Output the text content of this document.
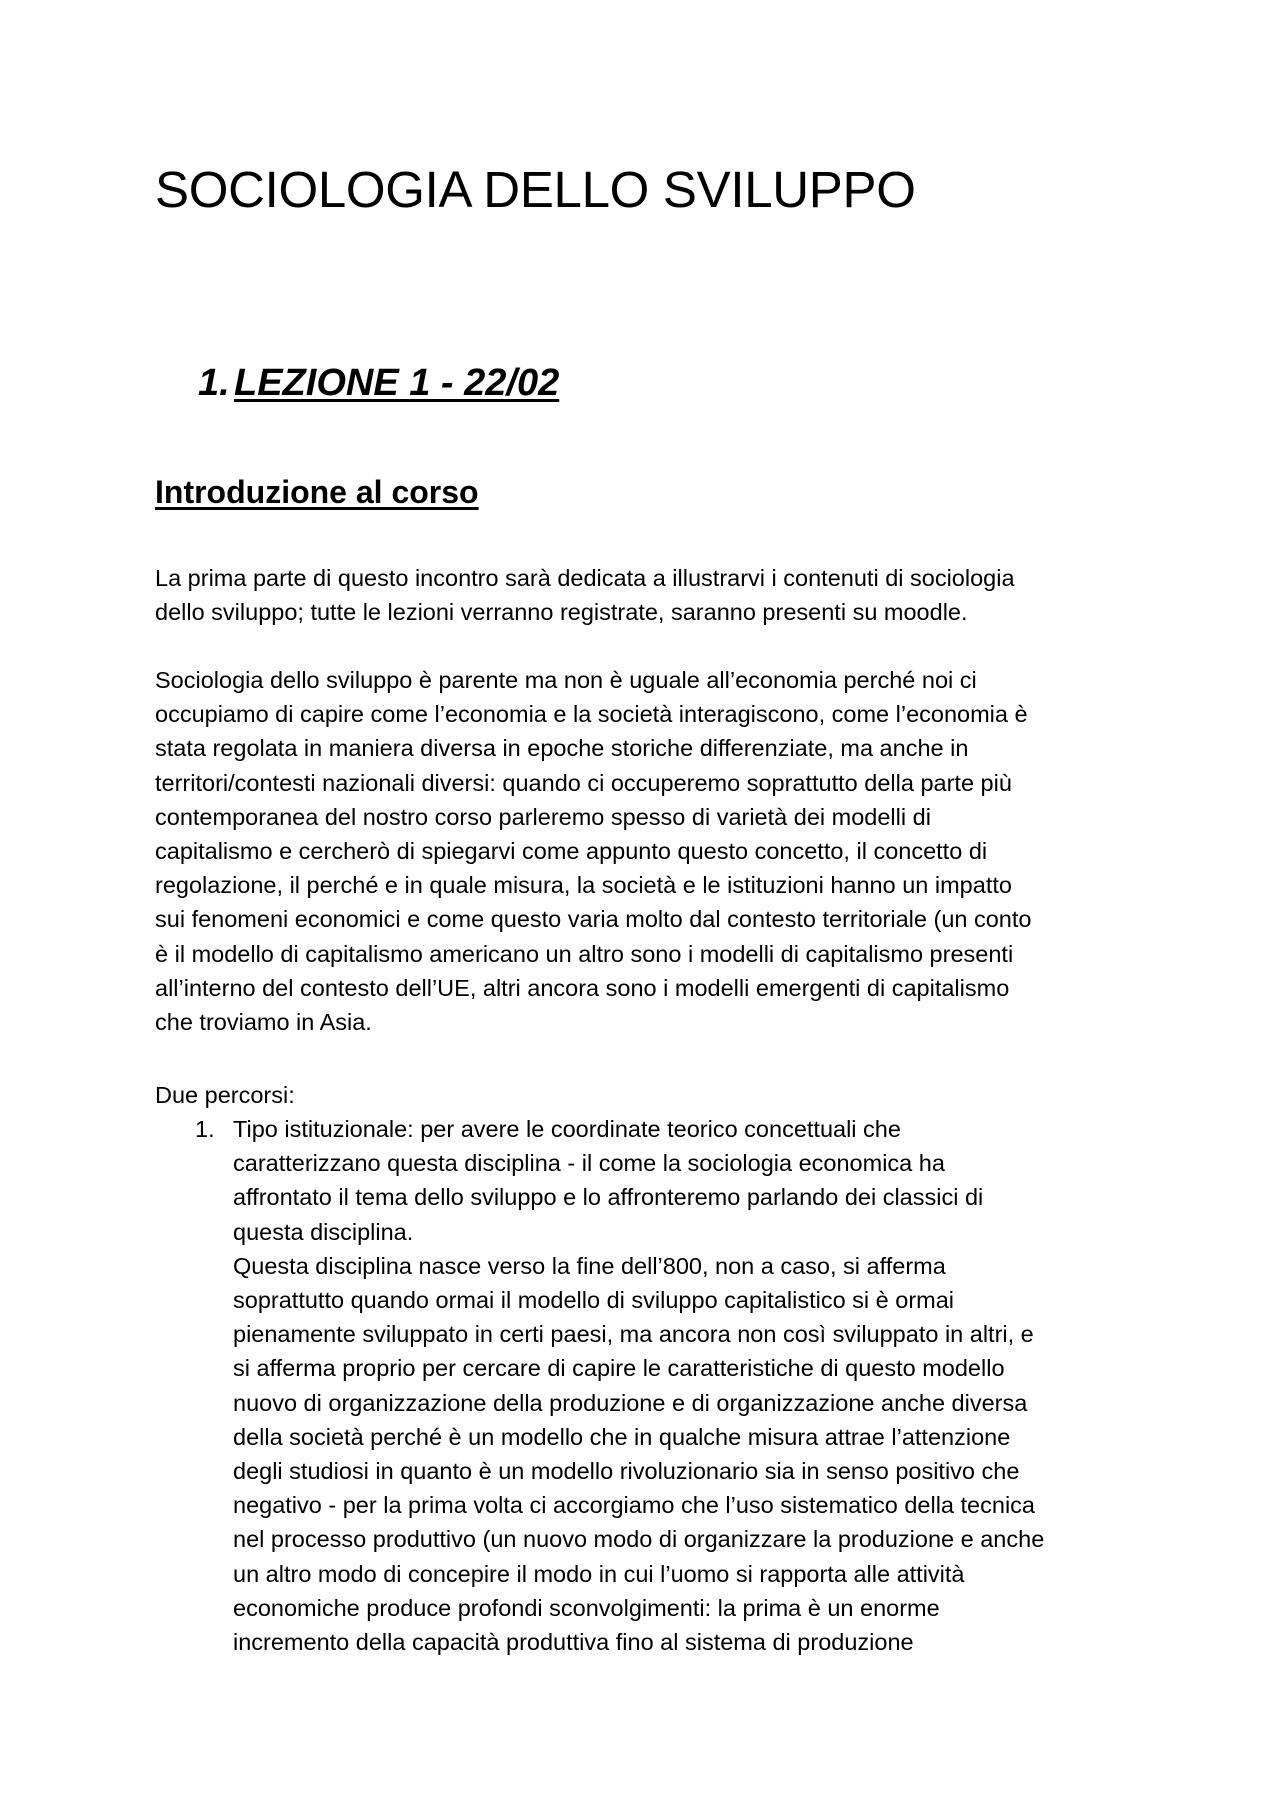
SOCIOLOGIA DELLO SVILUPPO
1. LEZIONE 1 - 22/02
Introduzione al corso

La prima parte di questo incontro sarà dedicata a illustrarvi i contenuti di sociologia
dello sviluppo; tutte le lezioni verranno registrate, saranno presenti su moodle.

Sociologia dello sviluppo è parente ma non è uguale all’economia perché noi ci
occupiamo di capire come l’economia e la società interagiscono, come l’economia è
stata regolata in maniera diversa in epoche storiche differenziate, ma anche in
territori/contesti nazionali diversi: quando ci occuperemo soprattutto della parte più
contemporanea del nostro corso parleremo spesso di varietà dei modelli di
capitalismo e cercherò di spiegarvi come appunto questo concetto, il concetto di
regolazione, il perché e in quale misura, la società e le istituzioni hanno un impatto
sui fenomeni economici e come questo varia molto dal contesto territoriale (un conto
è il modello di capitalismo americano un altro sono i modelli di capitalismo presenti
all’interno del contesto dell’UE, altri ancora sono i modelli emergenti di capitalismo
che troviamo in Asia.

Due percorsi:

1. Tipo istituzionale: per avere le coordinate teorico concettuali che
caratterizzano questa disciplina - il come la sociologia economica ha
affrontato il tema dello sviluppo e lo affronteremo parlando dei classici di
questa disciplina.
Questa disciplina nasce verso la fine dell’800, non a caso, si afferma
soprattutto quando ormai il modello di sviluppo capitalistico si è ormai
pienamente sviluppato in certi paesi, ma ancora non così sviluppato in altri, e
si afferma proprio per cercare di capire le caratteristiche di questo modello
nuovo di organizzazione della produzione e di organizzazione anche diversa
della società perché è un modello che in qualche misura attrae l’attenzione
degli studiosi in quanto è un modello rivoluzionario sia in senso positivo che
negativo - per la prima volta ci accorgiamo che l’uso sistematico della tecnica
nel processo produttivo (un nuovo modo di organizzare la produzione e anche
un altro modo di concepire il modo in cui l’uomo si rapporta alle attività
economiche produce profondi sconvolgimenti: la prima è un enorme
incremento della capacità produttiva fino al sistema di produzione
